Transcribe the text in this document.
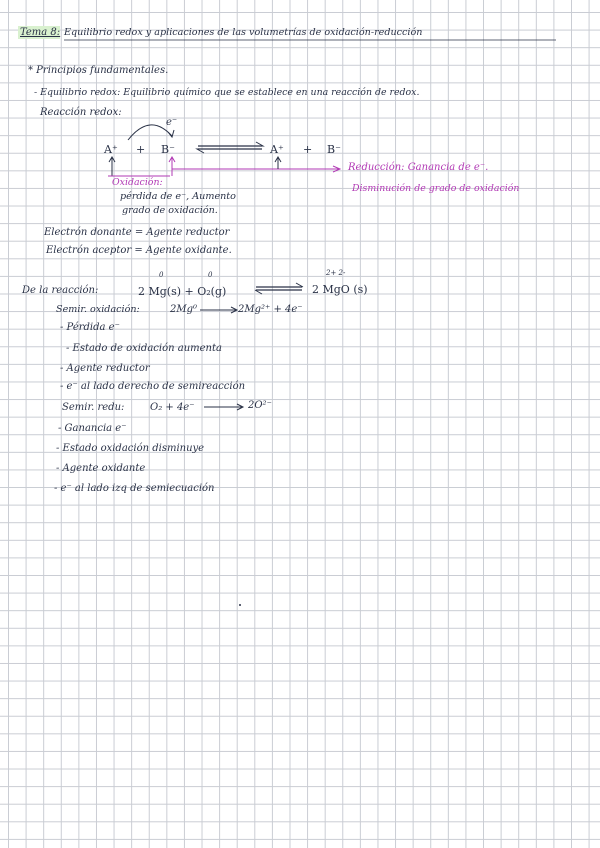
Tema 8: Equilibrio redox y aplicaciones de las volumetrías de oxidación-reducción
* Principios fundamentales.
- Equilibrio redox: Equilibrio químico que se establece en una reacción de redox.
Reacción redox:
e⁻
A⁺ + B⁻	A⁺ + B⁻
Oxidación:
pérdida de e⁻, Aumento
grado de oxidación.
Reducción: Ganancia de e⁻.
Disminución de grado de oxidación
Electrón donante = Agente reductor
Electrón aceptor = Agente oxidante.
De la reacción:
0	0
2 Mg(s) + O₂(g)
2+ 2-
2 MgO (s)
Semir. oxidación:	2Mg⁰	2Mg²⁺ + 4e⁻
- Pérdida e⁻
- Estado de oxidación aumenta
- Agente reductor
- e⁻ al lado derecho de semireacción
Semir. redu:	O₂ + 4e⁻	2O²⁻
- Ganancia e⁻
- Estado oxidación disminuye
- Agente oxidante
- e⁻ al lado izq de semiecuación
